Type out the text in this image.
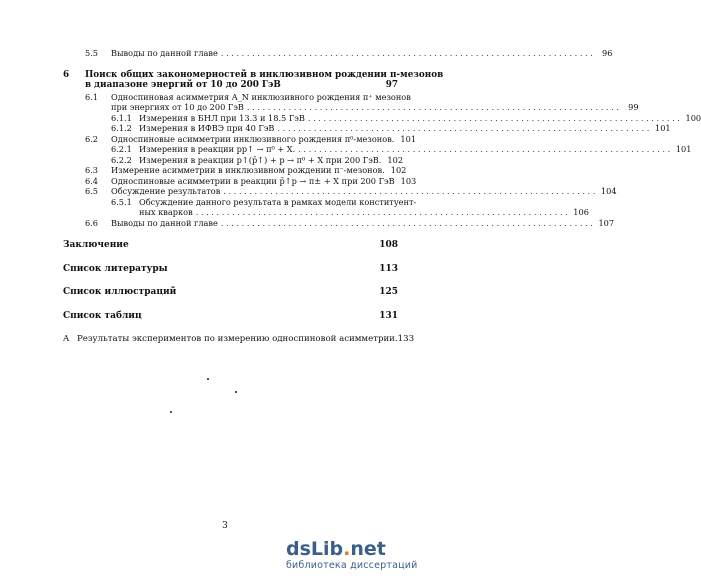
5.5	Выводы по данной главе ........................................................................ 96
6	Поиск общих закономерностей в инклюзивном рождении π-мезонов
в диапазоне энергий от 10 до 200 ГэВ	97
6.1	Односпиновая асимметрия A_N инклюзивного рождения π⁺ мезонов
при энергиях от 10 до 200 ГэВ ........................................................................ 99
6.1.1 Измерения в БНЛ при 13.3 и 18.5 ГэВ ........................................................................ 100
6.1.2 Измерения в ИФВЭ при 40 ГэВ ........................................................................ 101
6.2	Односпиновые асимметрии инклюзивного рождения π⁰-мезонов. 101
6.2.1 Измерения в реакции pp↑ → π⁰ + X. ........................................................................ 101
6.2.2 Измерения в реакции p↑(p̄↑) + p → π⁰ + X при 200 ГэВ. 102
6.3	Измерение асимметрии в инклюзивном рождении π⁻-мезонов. 102
6.4	Односпиновые асимметрии в реакции p̄↑p → π± + X при 200 ГэВ 103
6.5	Обсуждение результатов ........................................................................ 104
6.5.1 Обсуждение данного результата в рамках модели конституент-
ных кварков ........................................................................ 106
6.6	Выводы по данной главе ........................................................................ 107
Заключение	108
Список литературы	113
Список иллюстраций	125
Список таблиц	131
A Результаты экспериментов по измерению односпиновой асимметрии. 133
3
dsLib.net
библиотека диссертаций
